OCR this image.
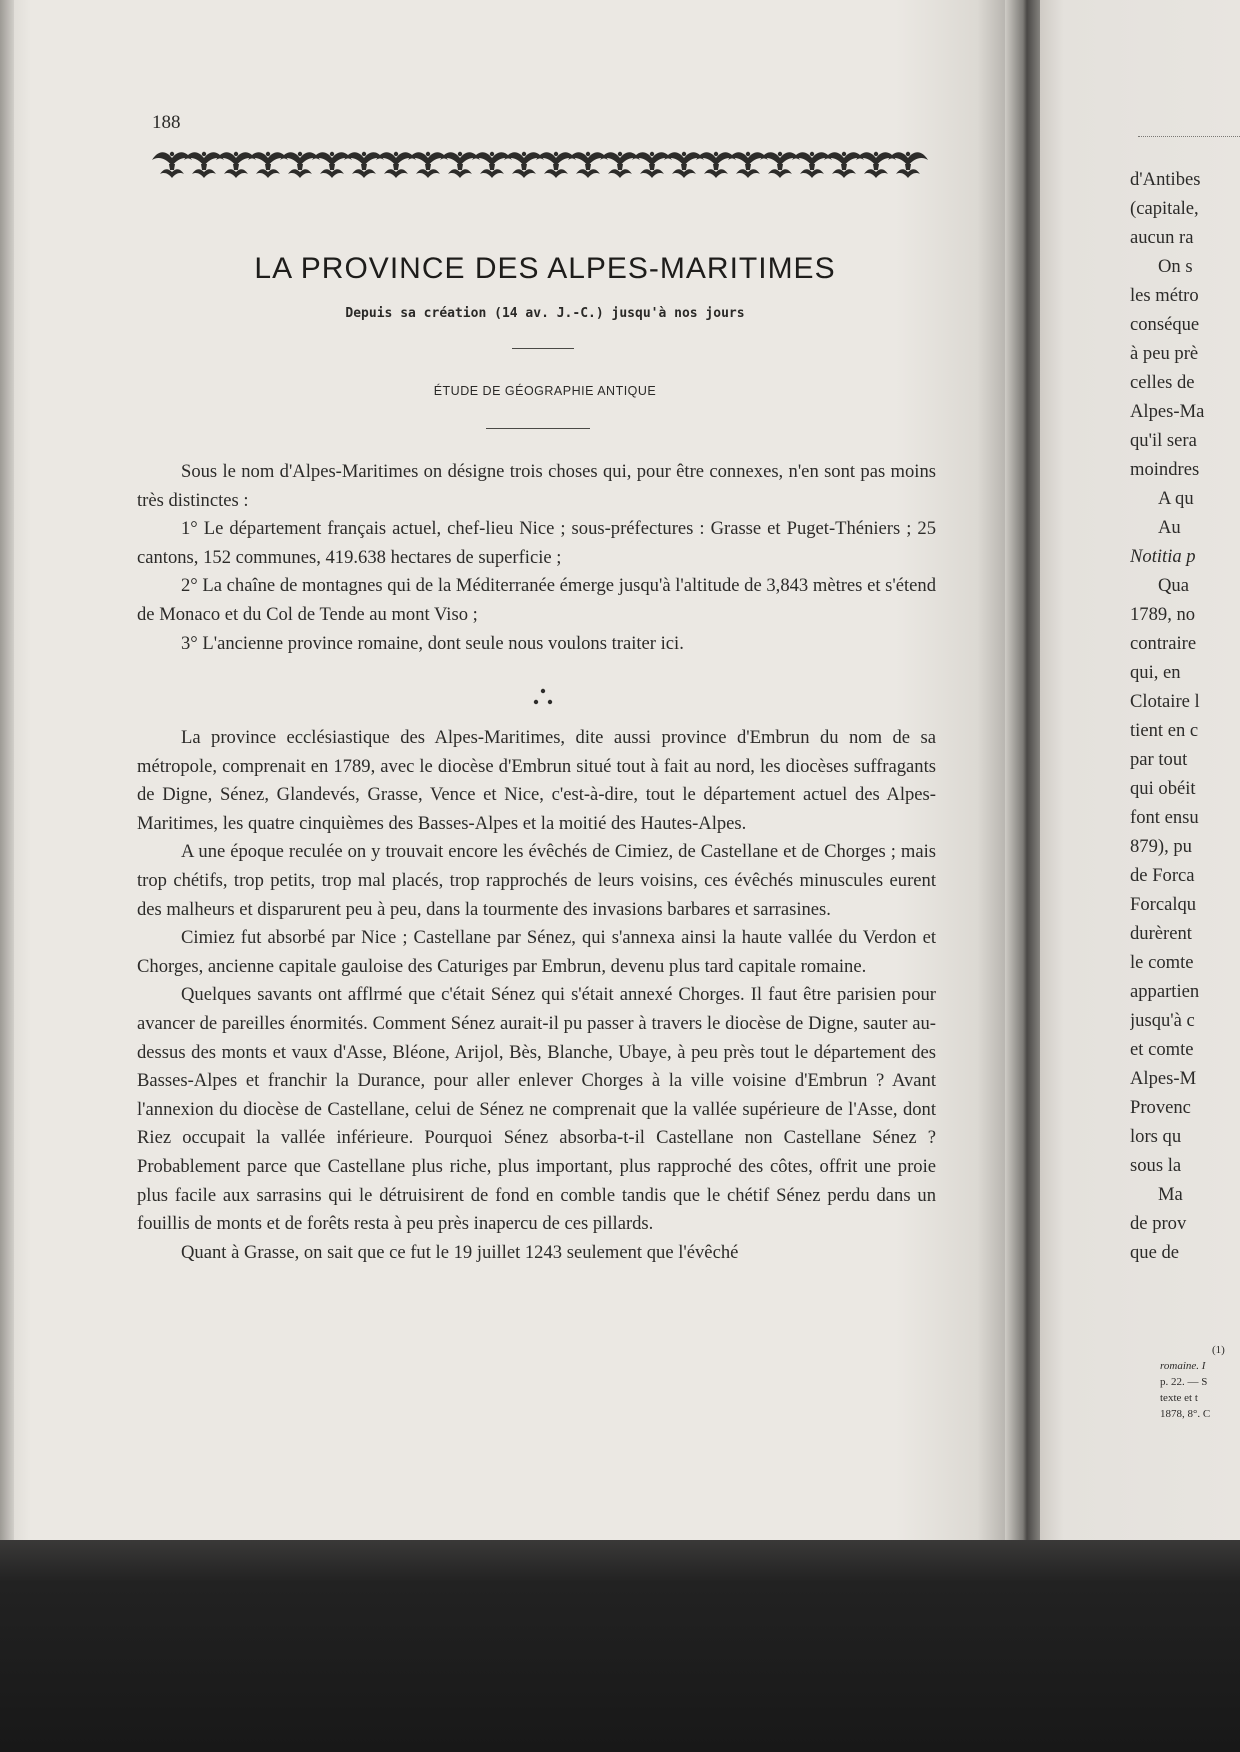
188
LA PROVINCE DES ALPES-MARITIMES
Depuis sa création (14 av. J.-C.) jusqu'à nos jours
ÉTUDE DE GÉOGRAPHIE ANTIQUE

Sous le nom d'Alpes-Maritimes on désigne trois choses qui, pour être connexes, n'en sont pas moins très distinctes :

1° Le département français actuel, chef-lieu Nice ; sous-préfectures : Grasse et Puget-Théniers ; 25 cantons, 152 communes, 419.638 hectares de superficie ;

2° La chaîne de montagnes qui de la Méditerranée émerge jusqu'à l'altitude de 3,843 mètres et s'étend de Monaco et du Col de Tende au mont Viso ;

3° L'ancienne province romaine, dont seule nous voulons traiter ici.

La province ecclésiastique des Alpes-Maritimes, dite aussi province d'Embrun du nom de sa métropole, comprenait en 1789, avec le diocèse d'Embrun situé tout à fait au nord, les diocèses suffragants de Digne, Sénez, Glandevés, Grasse, Vence et Nice, c'est-à-dire, tout le département actuel des Alpes-Maritimes, les quatre cinquièmes des Basses-Alpes et la moitié des Hautes-Alpes.

A une époque reculée on y trouvait encore les évêchés de Cimiez, de Castellane et de Chorges ; mais trop chétifs, trop petits, trop mal placés, trop rapprochés de leurs voisins, ces évêchés minuscules eurent des malheurs et disparurent peu à peu, dans la tourmente des invasions barbares et sarrasines.

Cimiez fut absorbé par Nice ; Castellane par Sénez, qui s'annexa ainsi la haute vallée du Verdon et Chorges, ancienne capitale gauloise des Caturiges par Embrun, devenu plus tard capitale romaine.

Quelques savants ont afflrmé que c'était Sénez qui s'était annexé Chorges. Il faut être parisien pour avancer de pareilles énormités. Comment Sénez aurait-il pu passer à travers le diocèse de Digne, sauter au-dessus des monts et vaux d'Asse, Bléone, Arijol, Bès, Blanche, Ubaye, à peu près tout le département des Basses-Alpes et franchir la Durance, pour aller enlever Chorges à la ville voisine d'Embrun ? Avant l'annexion du diocèse de Castellane, celui de Sénez ne comprenait que la vallée supérieure de l'Asse, dont Riez occupait la vallée inférieure. Pourquoi Sénez absorba-t-il Castellane non Castellane Sénez ? Probablement parce que Castellane plus riche, plus important, plus rapproché des côtes, offrit une proie plus facile aux sarrasins qui le détruisirent de fond en comble tandis que le chétif Sénez perdu dans un fouillis de monts et de forêts resta à peu près inapercu de ces pillards.

Quant à Grasse, on sait que ce fut le 19 juillet 1243 seulement que l'évêché

d'Antibes
(capitale,
aucun ra
On s
les métro
conséque
à peu prè
celles de
Alpes-Ma
qu'il sera
moindres
A qu
Au
Notitia p
Qua
1789, no
contraire
qui, en
Clotaire l
tient en c
par tout
qui obéit
font ensu
879), pu
de Forca
Forcalqu
durèrent
le comte
appartien
jusqu'à c
et comte
Alpes-M
Provenc
lors qu
sous la
Ma
de prov
que de
(1)
romaine. I
p. 22. — S
texte et t
1878, 8°. C
